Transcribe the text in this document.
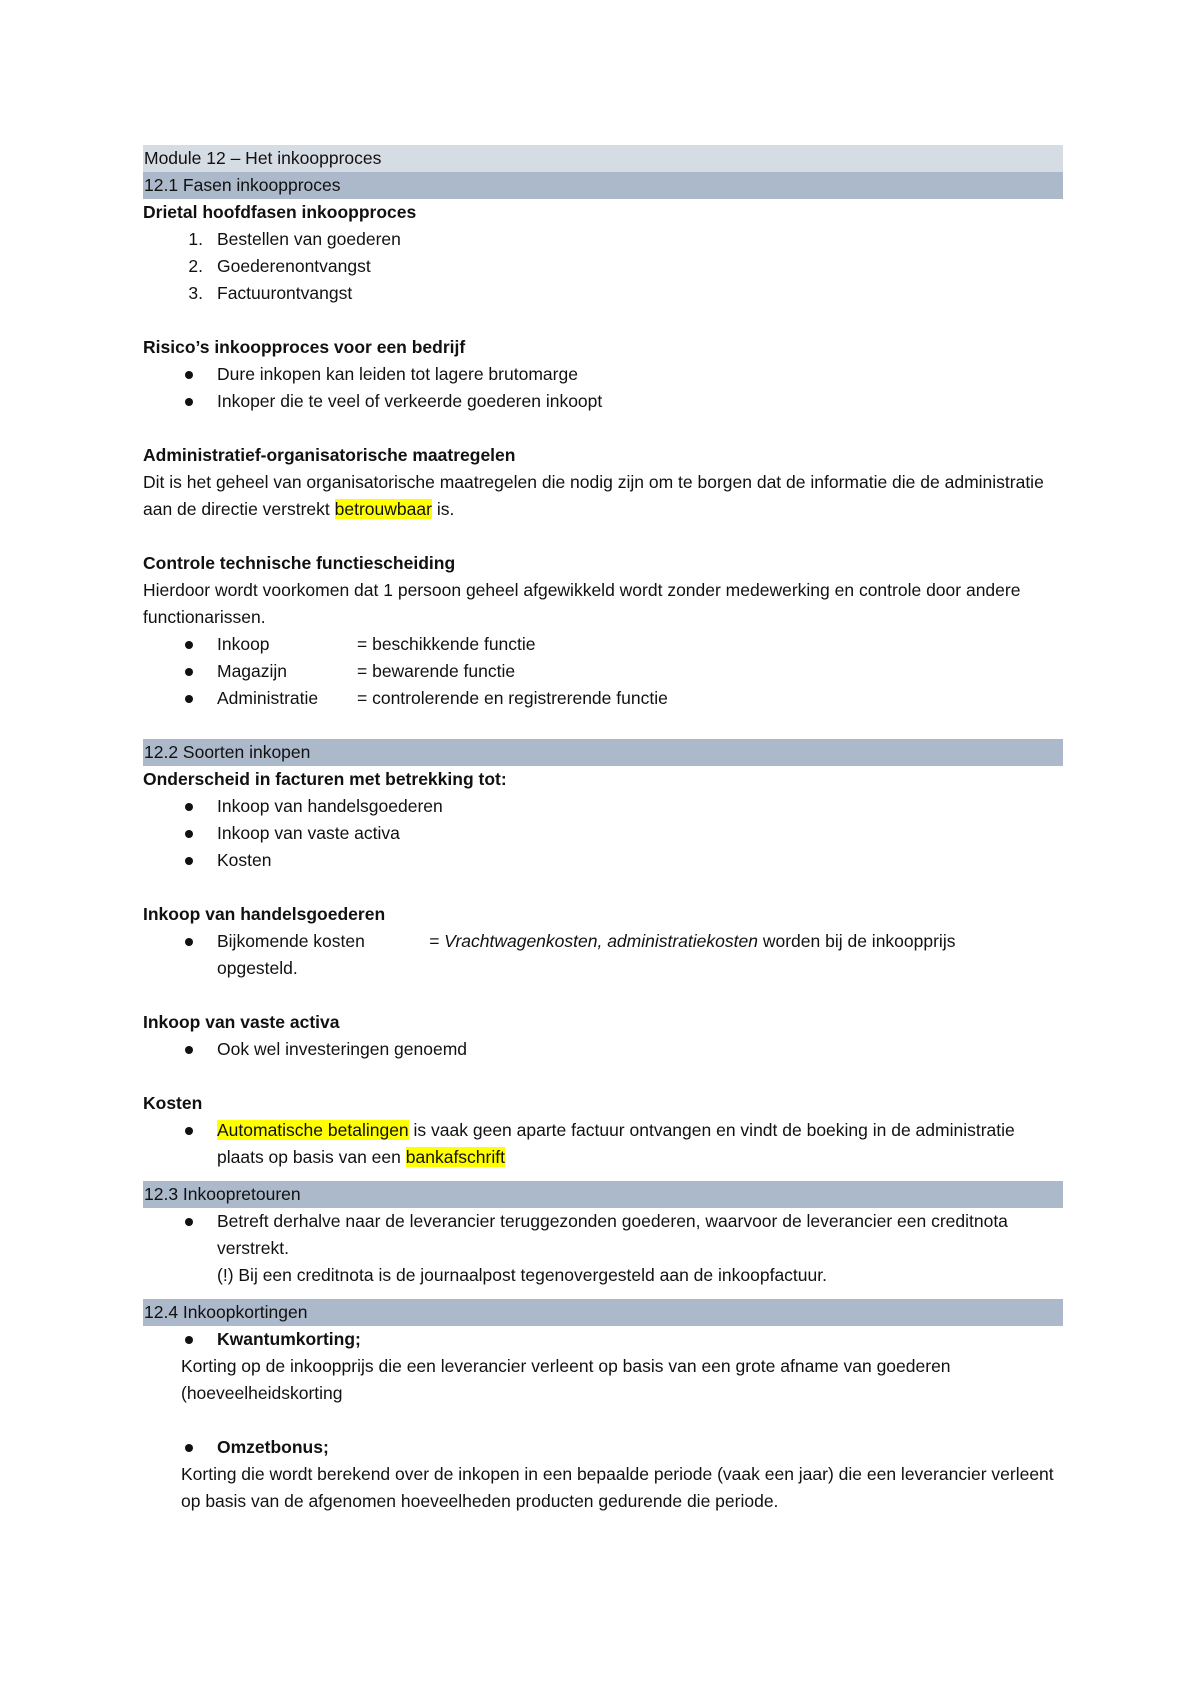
Module 12 – Het inkoopproces
12.1 Fasen inkoopproces
Drietal hoofdfasen inkoopproces
1. Bestellen van goederen
2. Goederenontvangst
3. Factuurontvangst
Risico’s inkoopproces voor een bedrijf
Dure inkopen kan leiden tot lagere brutomarge
Inkoper die te veel of verkeerde goederen inkoopt
Administratief-organisatorische maatregelen
Dit is het geheel van organisatorische maatregelen die nodig zijn om te borgen dat de informatie die de administratie aan de directie verstrekt betrouwbaar is.
Controle technische functiescheiding
Hierdoor wordt voorkomen dat 1 persoon geheel afgewikkeld wordt zonder medewerking en controle door andere functionarissen.
Inkoop	= beschikkende functie
Magazijn	= bewarende functie
Administratie = controlerende en registrerende functie
12.2 Soorten inkopen
Onderscheid in facturen met betrekking tot:
Inkoop van handelsgoederen
Inkoop van vaste activa
Kosten
Inkoop van handelsgoederen
Bijkomende kosten	= Vrachtwagenkosten, administratiekosten worden bij de inkoopprijs
opgesteld.
Inkoop van vaste activa
Ook wel investeringen genoemd
Kosten
Automatische betalingen is vaak geen aparte factuur ontvangen en vindt de boeking in de administratie plaats op basis van een bankafschrift
12.3 Inkoopretouren
Betreft derhalve naar de leverancier teruggezonden goederen, waarvoor de leverancier een creditnota verstrekt.
(!) Bij een creditnota is de journaalpost tegenovergesteld aan de inkoopfactuur.
12.4 Inkoopkortingen
Kwantumkorting;
Korting op de inkoopprijs die een leverancier verleent op basis van een grote afname van goederen (hoeveelheidskorting
Omzetbonus;
Korting die wordt berekend over de inkopen in een bepaalde periode (vaak een jaar) die een leverancier verleent op basis van de afgenomen hoeveelheden producten gedurende die periode.
